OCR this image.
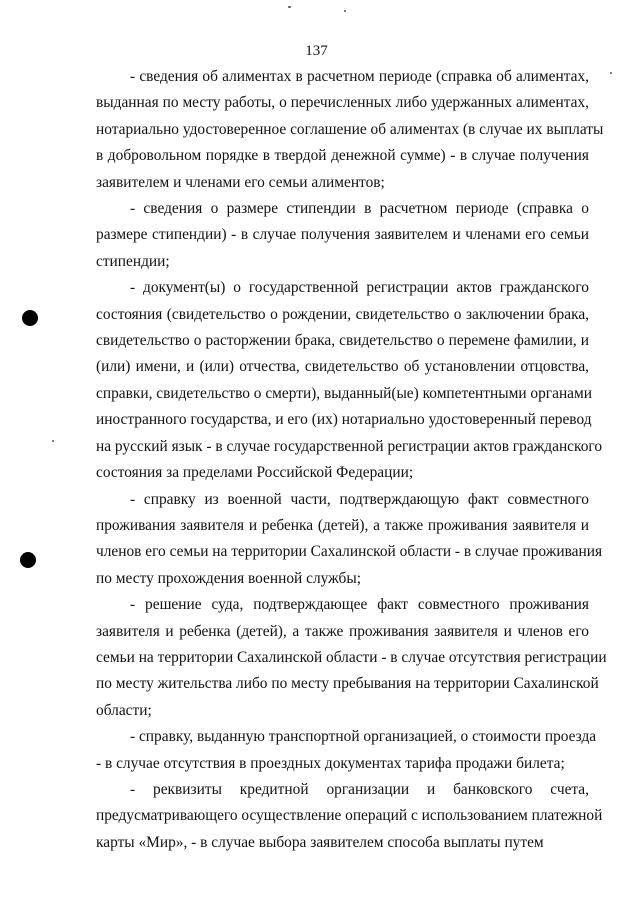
137
- сведения об алиментах в расчетном периоде (справка об алиментах,
выданная по месту работы, о перечисленных либо удержанных алиментах,
нотариально удостоверенное соглашение об алиментах (в случае их выплаты
в добровольном порядке в твердой денежной сумме) - в случае получения
заявителем и членами его семьи алиментов;
- сведения о размере стипендии в расчетном периоде (справка о
размере стипендии) - в случае получения заявителем и членами его семьи
стипендии;
- документ(ы) о государственной регистрации актов гражданского
состояния (свидетельство о рождении, свидетельство о заключении брака,
свидетельство о расторжении брака, свидетельство о перемене фамилии, и
(или) имени, и (или) отчества, свидетельство об установлении отцовства,
справки, свидетельство о смерти), выданный(ые) компетентными органами
иностранного государства, и его (их) нотариально удостоверенный перевод
на русский язык - в случае государственной регистрации актов гражданского
состояния за пределами Российской Федерации;
- справку из военной части, подтверждающую факт совместного
проживания заявителя и ребенка (детей), а также проживания заявителя и
членов его семьи на территории Сахалинской области - в случае проживания
по месту прохождения военной службы;
- решение суда, подтверждающее факт совместного проживания
заявителя и ребенка (детей), а также проживания заявителя и членов его
семьи на территории Сахалинской области - в случае отсутствия регистрации
по месту жительства либо по месту пребывания на территории Сахалинской
области;
- справку, выданную транспортной организацией, о стоимости проезда
- в случае отсутствия в проездных документах тарифа продажи билета;
- реквизиты кредитной организации и банковского счета,
предусматривающего осуществление операций с использованием платежной
карты «Мир», - в случае выбора заявителем способа выплаты путем
